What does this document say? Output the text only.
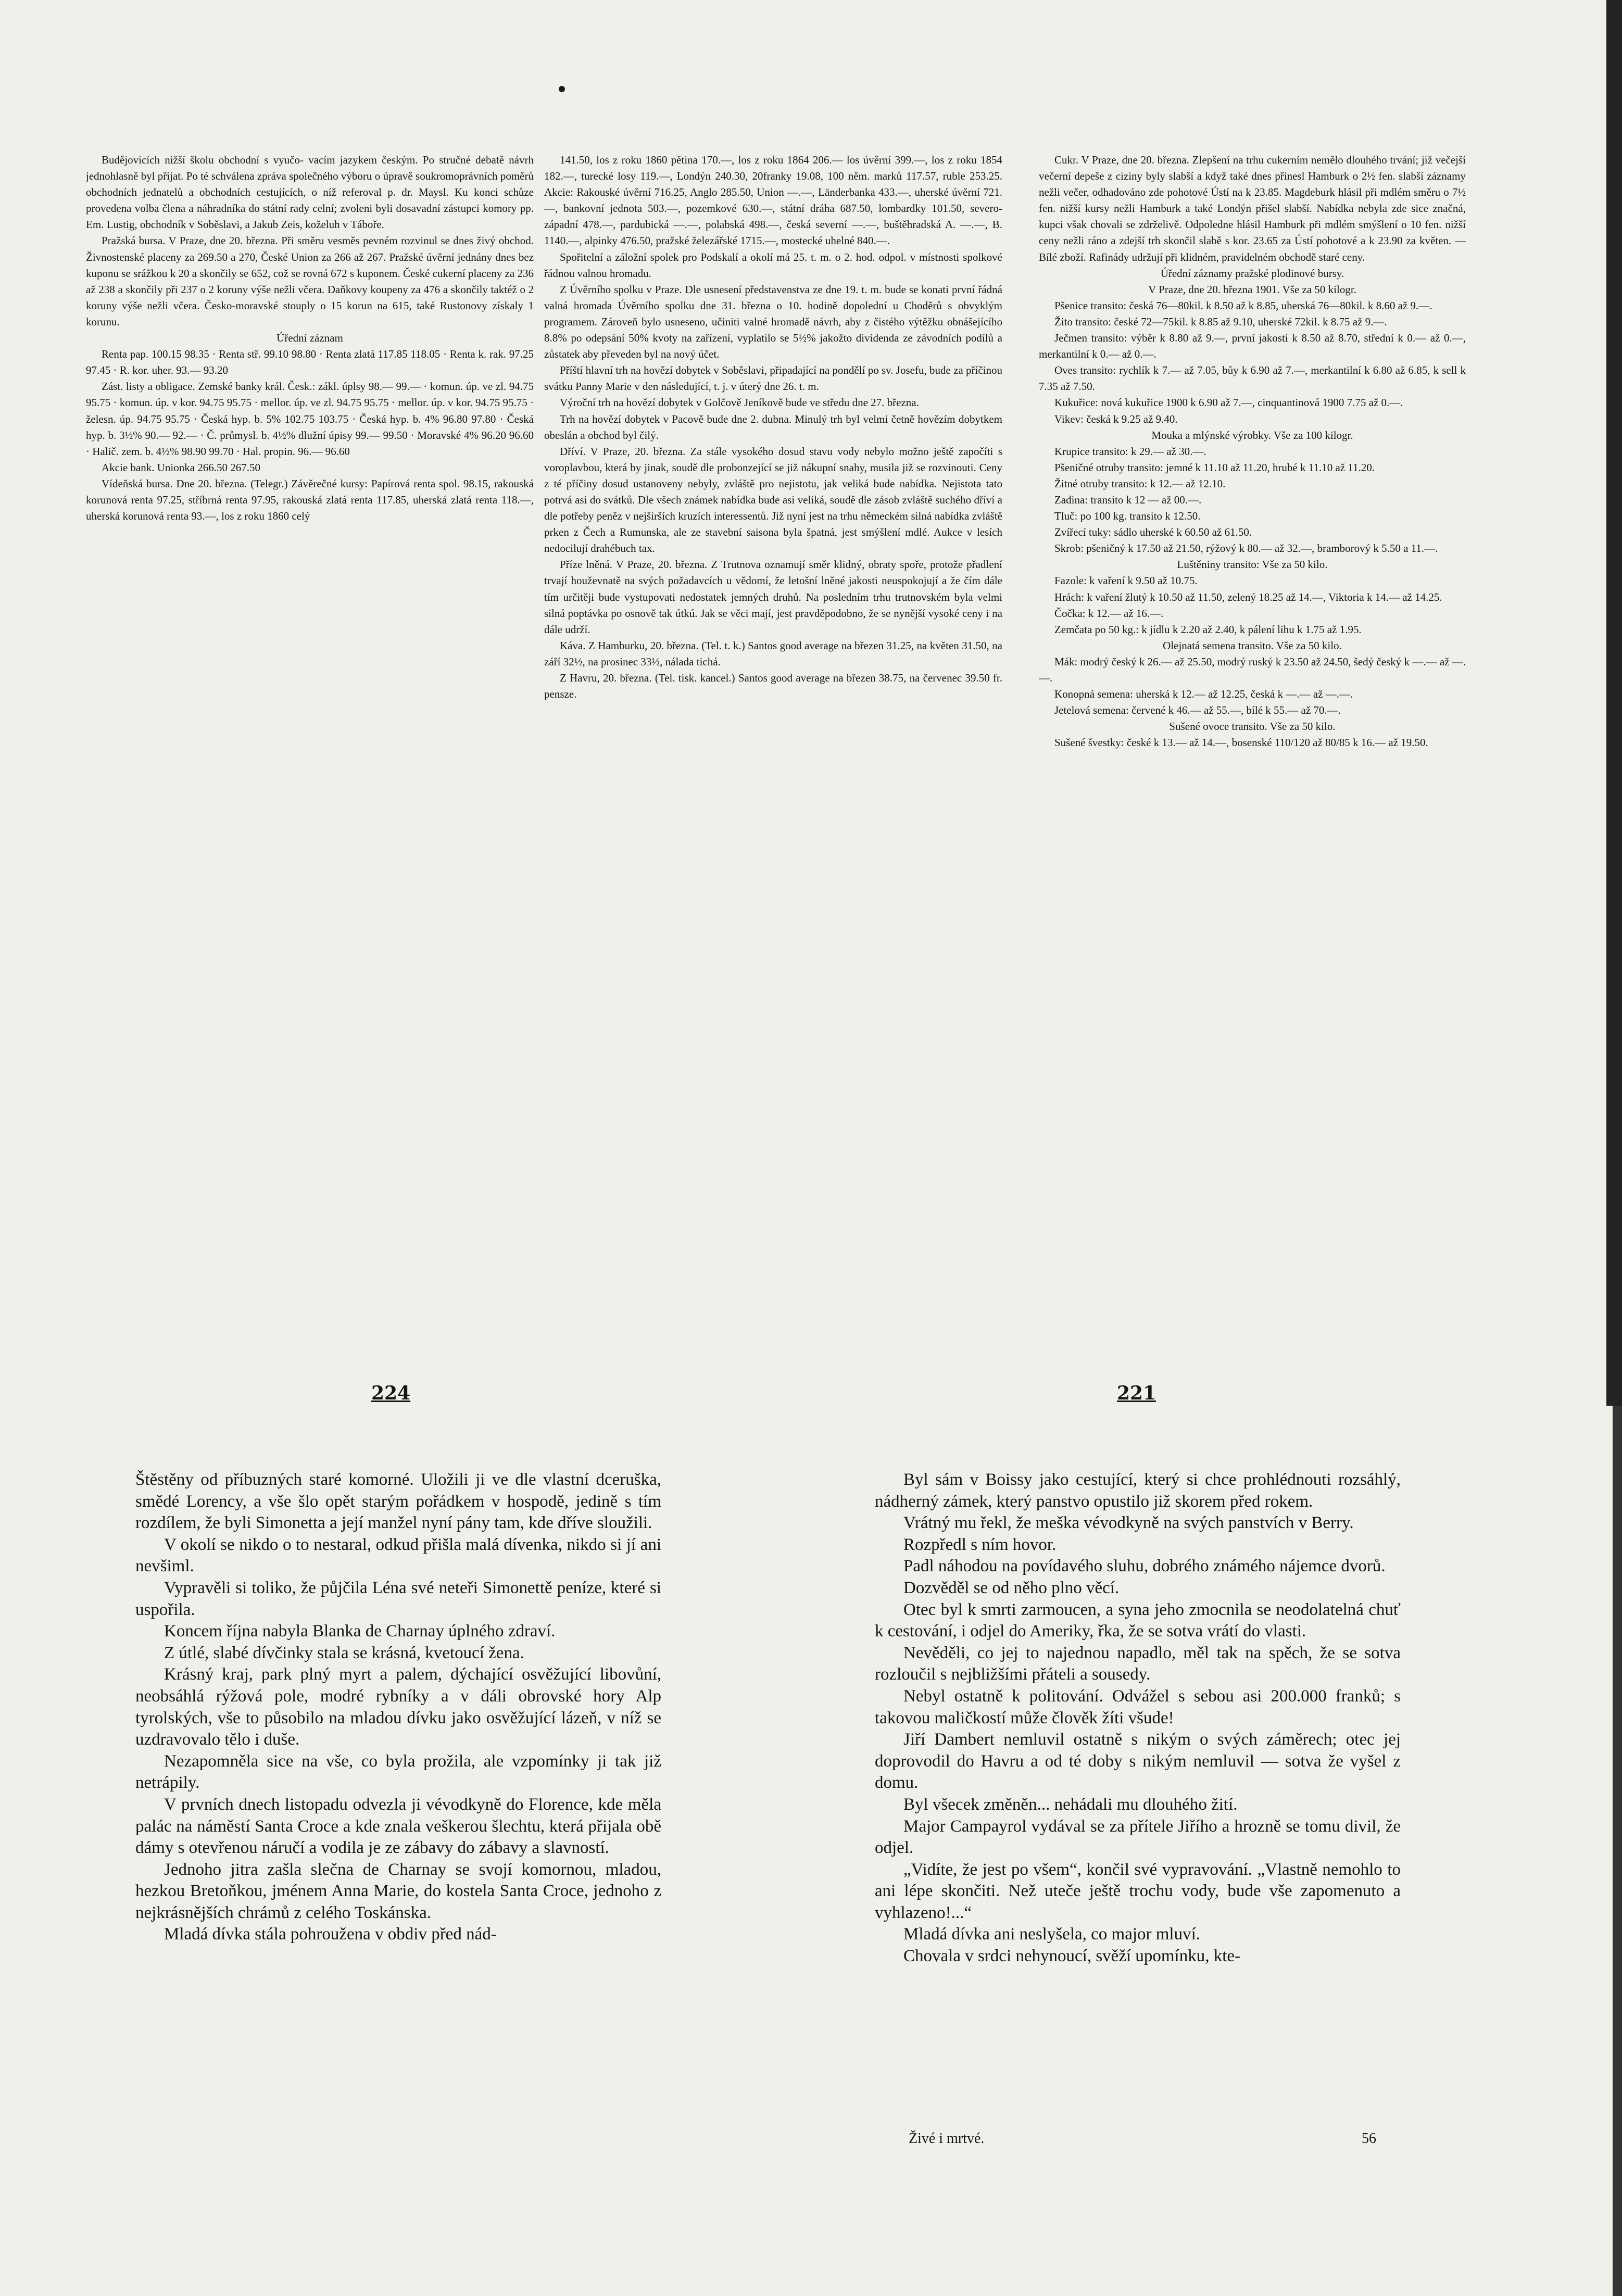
Budějovicích nižší školu obchodní s vyučo- vacím jazykem českým. Po stručné debatě návrh jednohlasně byl přijat. Po té schválena zpráva společného výboru o úpravě soukromoprávních poměrů obchodních jednatelů a obchodních cestujících, o níž referoval p. dr. Maysl. Ku konci schůze provedena volba člena a náhradníka do státní rady celní; zvoleni byli dosavadní zástupci komory pp. Em. Lustig, obchodník v Soběslavi, a Jakub Zeis, koželuh v Táboře.

Pražská bursa. V Praze, dne 20. března. Při směru vesměs pevném rozvinul se dnes živý obchod. Živnostenské placeny za 269.50 a 270, České Union za 266 až 267. Pražské úvěrní jednány dnes bez kuponu se srážkou k 20 a skončily se 652, což se rovná 672 s kuponem. České cukerní placeny za 236 až 238 a skončily při 237 o 2 koruny výše nežli včera. Daňkovy koupeny za 476 a skončily taktéž o 2 koruny výše nežli včera. Česko-moravské stouply o 15 korun na 615, také Rustonovy získaly 1 korunu.

Úřední záznam

Renta pap. 100.15 98.35 · Renta stř. 99.10 98.80 · Renta zlatá 117.85 118.05 · Renta k. rak. 97.25 97.45 · R. kor. uher. 93.— 93.20

Zást. listy a obligace. Zemské banky král. Česk.: zákl. úplsy 98.— 99.— · komun. úp. ve zl. 94.75 95.75 · komun. úp. v kor. 94.75 95.75 · mellor. úp. ve zl. 94.75 95.75 · mellor. úp. v kor. 94.75 95.75 · želesn. úp. 94.75 95.75 · Česká hyp. b. 5% 102.75 103.75 · Česká hyp. b. 4% 96.80 97.80 · Česká hyp. b. 3½% 90.— 92.— · Č. průmysl. b. 4½% dlužní úpisy 99.— 99.50 · Moravské 4% 96.20 96.60 · Halič. zem. b. 4½% 98.90 99.70 · Hal. propin. 96.— 96.60

Akcie bank. Unionka 266.50 267.50

Vídeňská bursa. Dne 20. března. (Telegr.) Závěrečné kursy: Papírová renta spol. 98.15, rakouská korunová renta 97.25, stříbrná renta 97.95, rakouská zlatá renta 117.85, uherská zlatá renta 118.—, uherská korunová renta 93.—, los z roku 1860 celý

141.50, los z roku 1860 pětina 170.—, los z roku 1864 206.— los úvěrní 399.—, los z roku 1854 182.—, turecké losy 119.—, Londýn 240.30, 20franky 19.08, 100 něm. marků 117.57, ruble 253.25. Akcie: Rakouské úvěrní 716.25, Anglo 285.50, Union —.—, Länderbanka 433.—, uherské úvěrní 721.—, bankovní jednota 503.—, pozemkové 630.—, státní dráha 687.50, lombardky 101.50, severo-západní 478.—, pardubická —.—, polabská 498.—, česká severní —.—, buštěhradská A. —.—, B. 1140.—, alpinky 476.50, pražské železářské 1715.—, mostecké uhelné 840.—.

Spořitelní a záložní spolek pro Podskalí a okolí má 25. t. m. o 2. hod. odpol. v místnosti spolkové řádnou valnou hromadu.

Z Úvěrního spolku v Praze. Dle usnesení představenstva ze dne 19. t. m. bude se konati první řádná valná hromada Úvěrního spolku dne 31. března o 10. hodině dopolední u Choděrů s obvyklým programem. Zároveň bylo usneseno, učiniti valné hromadě návrh, aby z čistého výtěžku obnášejícího 8.8% po odepsání 50% kvoty na zařízení, vyplatilo se 5½% jakožto dividenda ze závodních podílů a zůstatek aby převeden byl na nový účet.

Příští hlavní trh na hovězí dobytek v Soběslavi, připadající na pondělí po sv. Josefu, bude za příčinou svátku Panny Marie v den následující, t. j. v úterý dne 26. t. m.

Výroční trh na hovězí dobytek v Golčově Jeníkově bude ve středu dne 27. března.

Trh na hovězí dobytek v Pacově bude dne 2. dubna. Minulý trh byl velmi četně hovězím dobytkem obeslán a obchod byl čilý.

Dříví. V Praze, 20. března. Za stále vysokého dosud stavu vody nebylo možno ještě započíti s voroplavbou, která by jinak, soudě dle probonzející se již nákupní snahy, musila již se rozvinouti. Ceny z té příčiny dosud ustanoveny nebyly, zvláště pro nejistotu, jak veliká bude nabídka. Nejistota tato potrvá asi do svátků. Dle všech známek nabídka bude asi veliká, soudě dle zásob zvláště suchého dříví a dle potřeby peněz v nejširších kruzích interessentů. Již nyní jest na trhu německém silná nabídka zvláště prken z Čech a Rumunska, ale ze stavební saisona byla špatná, jest smýšlení mdlé. Aukce v lesích nedocilují drahébuch tax.

Příze lněná. V Praze, 20. března. Z Trutnova oznamují směr klidný, obraty spoře, protože přadlení trvají houževnatě na svých požadavcích u vědomí, že letošní lněné jakosti neuspokojují a že čím dále tím určitěji bude vystupovati nedostatek jemných druhů. Na posledním trhu trutnovském byla velmi silná poptávka po osnově tak útkú. Jak se věci mají, jest pravděpodobno, že se nynější vysoké ceny i na dále udrží.

Káva. Z Hamburku, 20. března. (Tel. t. k.) Santos good average na březen 31.25, na květen 31.50, na září 32½, na prosinec 33½, nálada tichá.

Z Havru, 20. března. (Tel. tisk. kancel.) Santos good average na březen 38.75, na červenec 39.50 fr. pensze.

Cukr. V Praze, dne 20. března. Zlepšení na trhu cukerním nemělo dlouhého trvání; již večejší večerní depeše z ciziny byly slabší a když také dnes přinesl Hamburk o 2½ fen. slabší záznamy nežli večer, odhadováno zde pohotové Ústí na k 23.85. Magdeburk hlásil při mdlém směru o 7½ fen. nižší kursy nežli Hamburk a také Londýn přišel slabší. Nabídka nebyla zde sice značná, kupci však chovali se zdrželivě. Odpoledne hlásil Hamburk při mdlém smýšlení o 10 fen. nižší ceny nežli ráno a zdejší trh skončil slabě s kor. 23.65 za Ústí pohotové a k 23.90 za květen. — Bílé zboží. Rafinády udržují při klidném, pravidelném obchodě staré ceny.

Úřední záznamy pražské plodinové bursy.

V Praze, dne 20. března 1901. Vše za 50 kilogr.

Pšenice transito: česká 76—80kil. k 8.50 až k 8.85, uherská 76—80kil. k 8.60 až 9.—.

Žito transito: české 72—75kil. k 8.85 až 9.10, uherské 72kil. k 8.75 až 9.—.

Ječmen transito: výběr k 8.80 až 9.—, první jakosti k 8.50 až 8.70, střední k 0.— až 0.—, merkantilní k 0.— až 0.—.

Oves transito: rychlík k 7.— až 7.05, bůy k 6.90 až 7.—, merkantilní k 6.80 až 6.85, k sell k 7.35 až 7.50.

Kukuřice: nová kukuřice 1900 k 6.90 až 7.—, cinquantinová 1900 7.75 až 0.—.

Vikev: česká k 9.25 až 9.40.

Mouka a mlýnské výrobky. Vše za 100 kilogr.

Krupice transito: k 29.— až 30.—.

Pšeničné otruby transito: jemné k 11.10 až 11.20, hrubé k 11.10 až 11.20.

Žitné otruby transito: k 12.— až 12.10.

Zadina: transito k 12 — až 00.—.

Tluč: po 100 kg. transito k 12.50.

Zvířecí tuky: sádlo uherské k 60.50 až 61.50.

Skrob: pšeničný k 17.50 až 21.50, rýžový k 80.— až 32.—, bramborový k 5.50 a 11.—.

Luštěniny transito: Vše za 50 kilo.

Fazole: k vaření k 9.50 až 10.75.

Hrách: k vaření žlutý k 10.50 až 11.50, zelený 18.25 až 14.—, Viktoria k 14.— až 14.25.

Čočka: k 12.— až 16.—.

Zemčata po 50 kg.: k jídlu k 2.20 až 2.40, k pálení lihu k 1.75 až 1.95.

Olejnatá semena transito. Vše za 50 kilo.

Mák: modrý český k 26.— až 25.50, modrý ruský k 23.50 až 24.50, šedý český k —.— až —.—.

Konopná semena: uherská k 12.— až 12.25, česká k —.— až —.—.

Jetelová semena: červené k 46.— až 55.—, bílé k 55.— až 70.—.

Sušené ovoce transito. Vše za 50 kilo.

Sušené švestky: české k 13.— až 14.—, bosenské 110/120 až 80/85 k 16.— až 19.50.

224	221

Štěstěny od příbuzných staré komorné. Uložili ji ve dle vlastní dceruška, smědé Lorency, a vše šlo opět starým pořádkem v hospodě, jedině s tím rozdílem, že byli Simonetta a její manžel nyní pány tam, kde dříve sloužili.

V okolí se nikdo o to nestaral, odkud přišla malá dívenka, nikdo si jí ani nevšiml.

Vypravěli si toliko, že půjčila Léna své neteři Simonettě peníze, které si uspořila.

Koncem října nabyla Blanka de Charnay úplného zdraví.

Z útlé, slabé dívčinky stala se krásná, kvetoucí žena.

Krásný kraj, park plný myrt a palem, dýchající osvěžující libovůní, neobsáhlá rýžová pole, modré rybníky a v dáli obrovské hory Alp tyrolských, vše to působilo na mladou dívku jako osvěžující lázeň, v níž se uzdravovalo tělo i duše.

Nezapomněla sice na vše, co byla prožila, ale vzpomínky ji tak již netrápily.

V prvních dnech listopadu odvezla ji vévodkyně do Florence, kde měla palác na náměstí Santa Croce a kde znala veškerou šlechtu, která přijala obě dámy s otevřenou náručí a vodila je ze zábavy do zábavy a slavností.

Jednoho jitra zašla slečna de Charnay se svojí komornou, mladou, hezkou Bretoňkou, jménem Anna Marie, do kostela Santa Croce, jednoho z nejkrásnějších chrámů z celého Toskánska.

Mladá dívka stála pohroužena v obdiv před nád-

Byl sám v Boissy jako cestující, který si chce prohlédnouti rozsáhlý, nádherný zámek, který panstvo opustilo již skorem před rokem.

Vrátný mu řekl, že meška vévodkyně na svých panstvích v Berry.

Rozpředl s ním hovor.

Padl náhodou na povídavého sluhu, dobrého známého nájemce dvorů.

Dozvěděl se od něho plno věcí.

Otec byl k smrti zarmoucen, a syna jeho zmocnila se neodolatelná chuť k cestování, i odjel do Ameriky, řka, že se sotva vrátí do vlasti.

Nevěděli, co jej to najednou napadlo, měl tak na spěch, že se sotva rozloučil s nejbližšími přáteli a sousedy.

Nebyl ostatně k politování. Odvážel s sebou asi 200.000 franků; s takovou maličkostí může člověk žíti všude!

Jiří Dambert nemluvil ostatně s nikým o svých záměrech; otec jej doprovodil do Havru a od té doby s nikým nemluvil — sotva že vyšel z domu.

Byl všecek změněn... nehádali mu dlouhého žití.

Major Campayrol vydával se za přítele Jiřího a hrozně se tomu divil, že odjel.

„Vidíte, že jest po všem“, končil své vypravování. „Vlastně nemohlo to ani lépe skončiti. Než uteče ještě trochu vody, bude vše zapomenuto a vyhlazeno!...“

Mladá dívka ani neslyšela, co major mluví.

Chovala v srdci nehynoucí, svěží upomínku, kte-

Živé i mrtvé.	56
